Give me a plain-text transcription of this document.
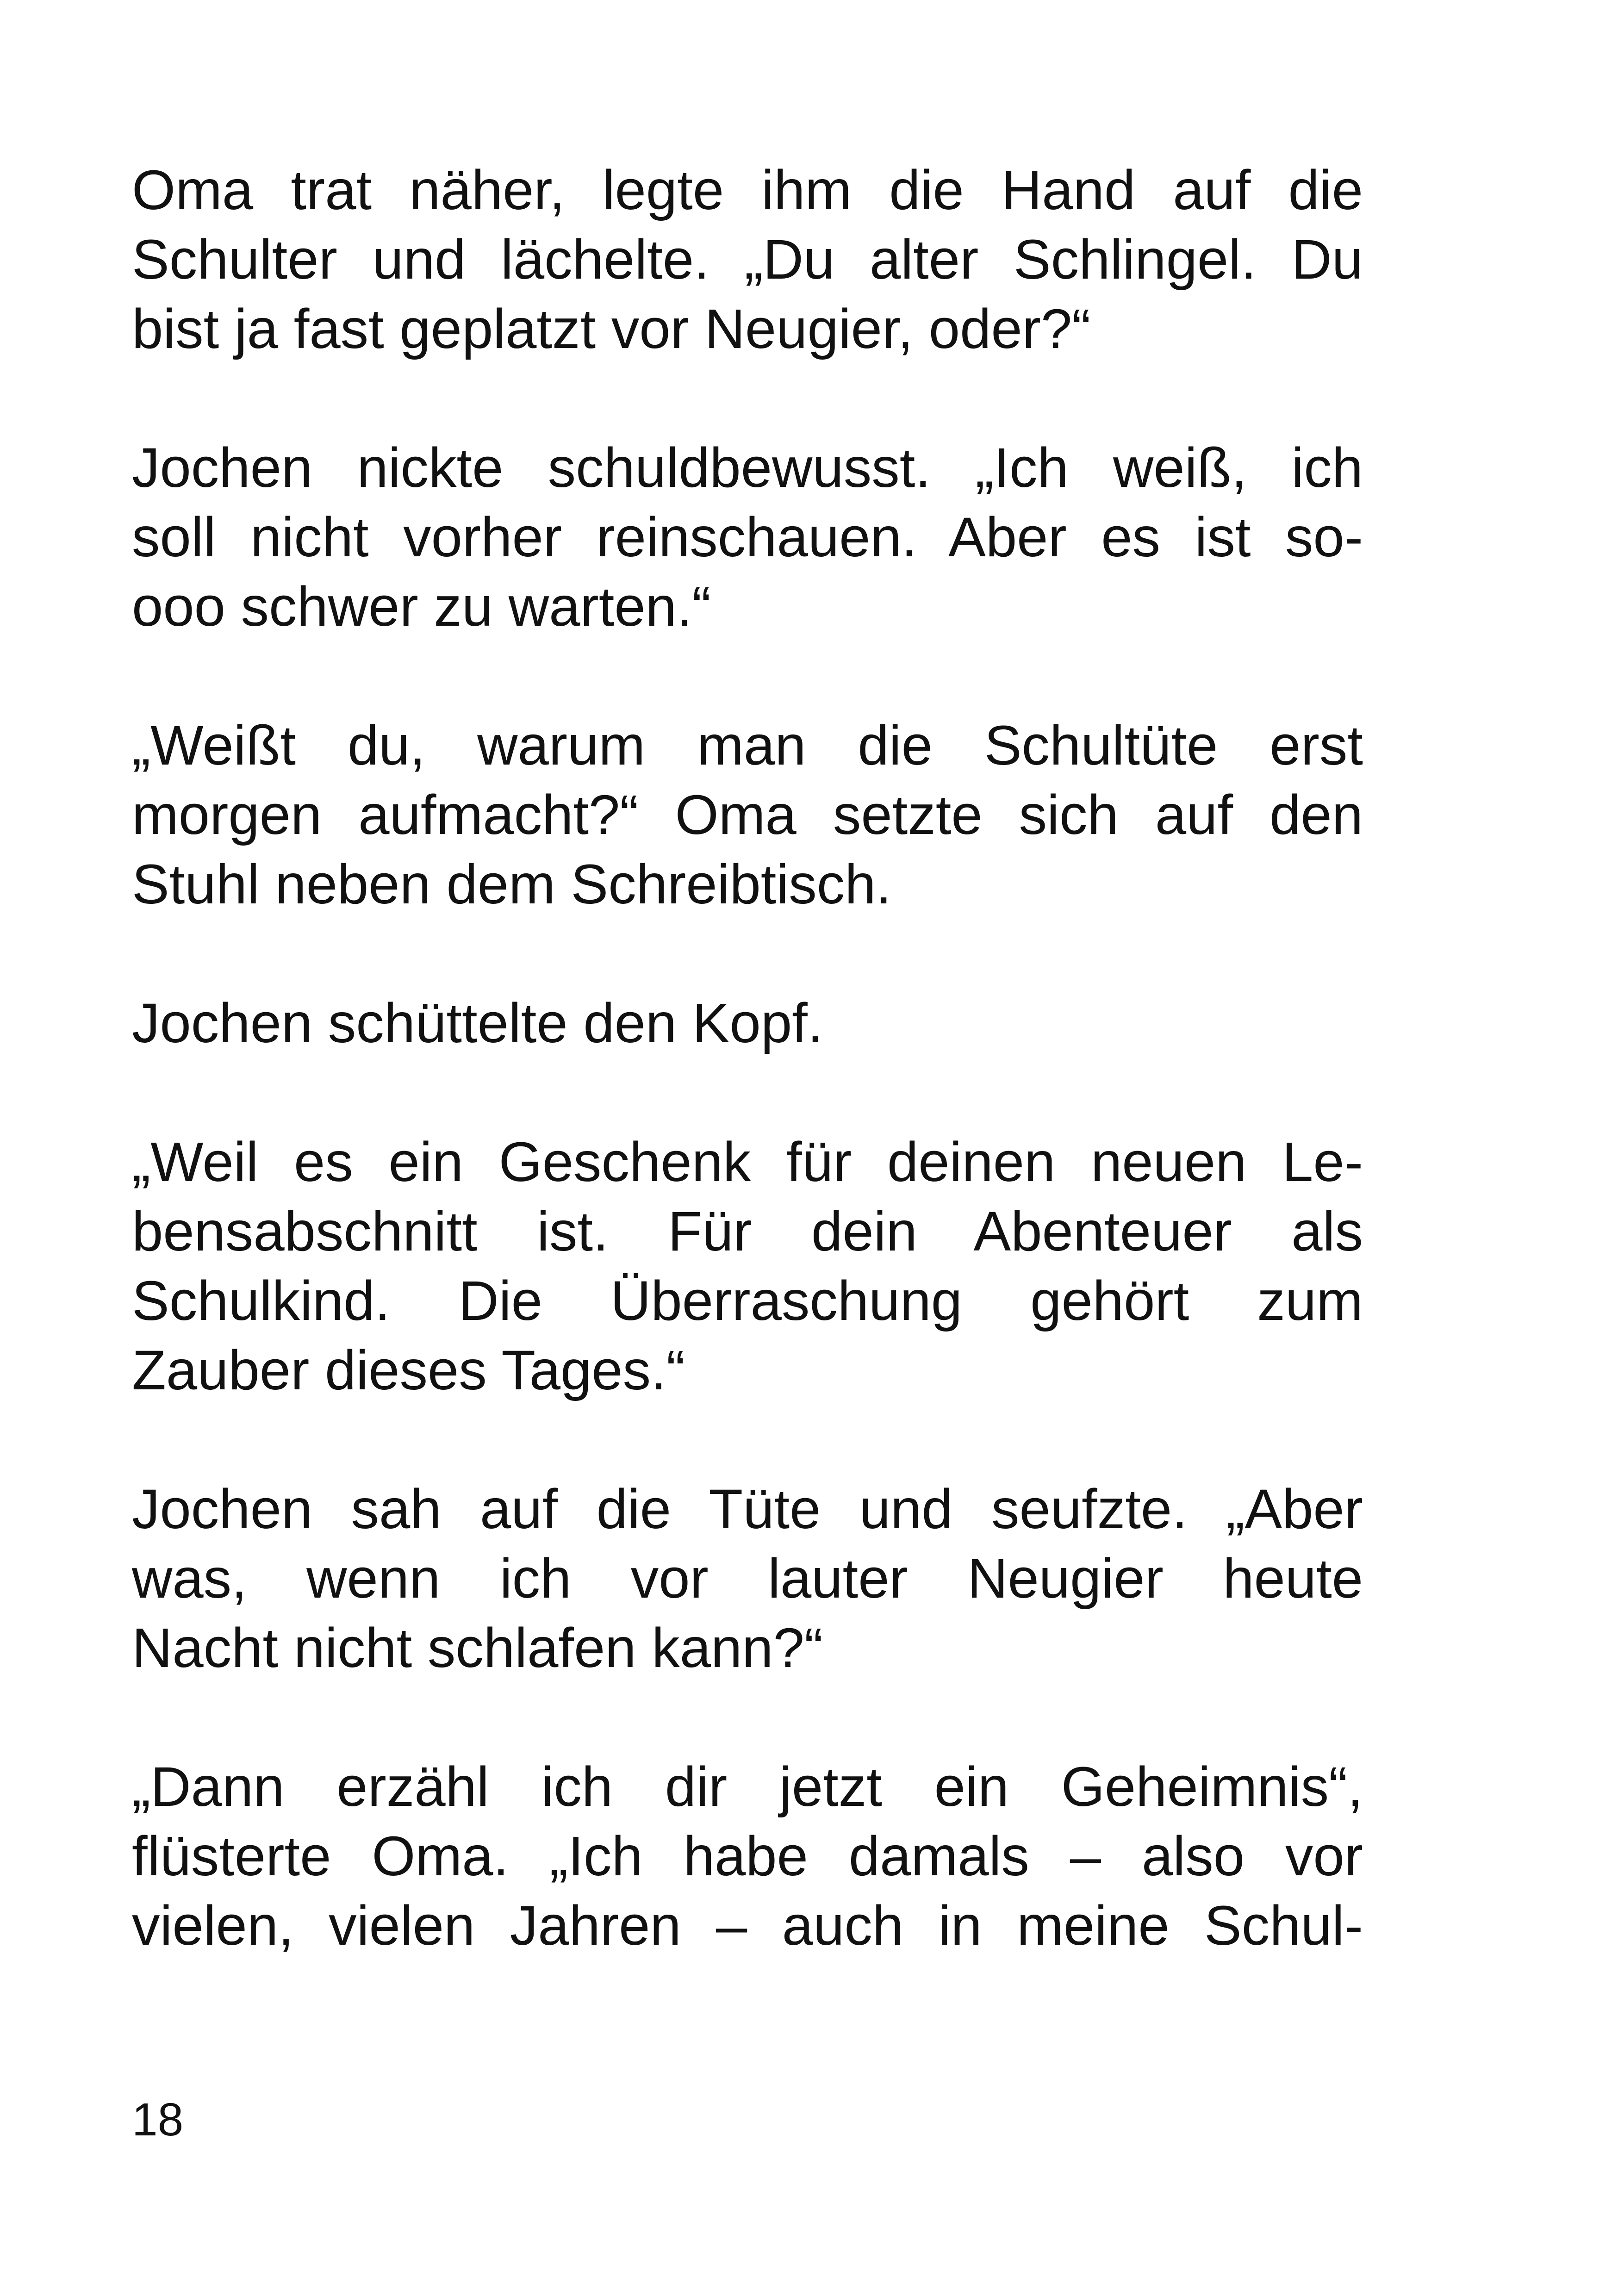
Oma trat näher, legte ihm die Hand auf die
Schulter und lächelte. „Du alter Schlingel. Du
bist ja fast geplatzt vor Neugier, oder?“

Jochen nickte schuldbewusst. „Ich weiß, ich
soll nicht vorher reinschauen. Aber es ist so-
ooo schwer zu warten.“

„Weißt du, warum man die Schultüte erst
morgen aufmacht?“ Oma setzte sich auf den
Stuhl neben dem Schreibtisch.

Jochen schüttelte den Kopf.

„Weil es ein Geschenk für deinen neuen Le-
bensabschnitt ist. Für dein Abenteuer als
Schulkind. Die Überraschung gehört zum
Zauber dieses Tages.“

Jochen sah auf die Tüte und seufzte. „Aber
was, wenn ich vor lauter Neugier heute
Nacht nicht schlafen kann?“

„Dann erzähl ich dir jetzt ein Geheimnis“,
flüsterte Oma. „Ich habe damals – also vor
vielen, vielen Jahren – auch in meine Schul-

18
